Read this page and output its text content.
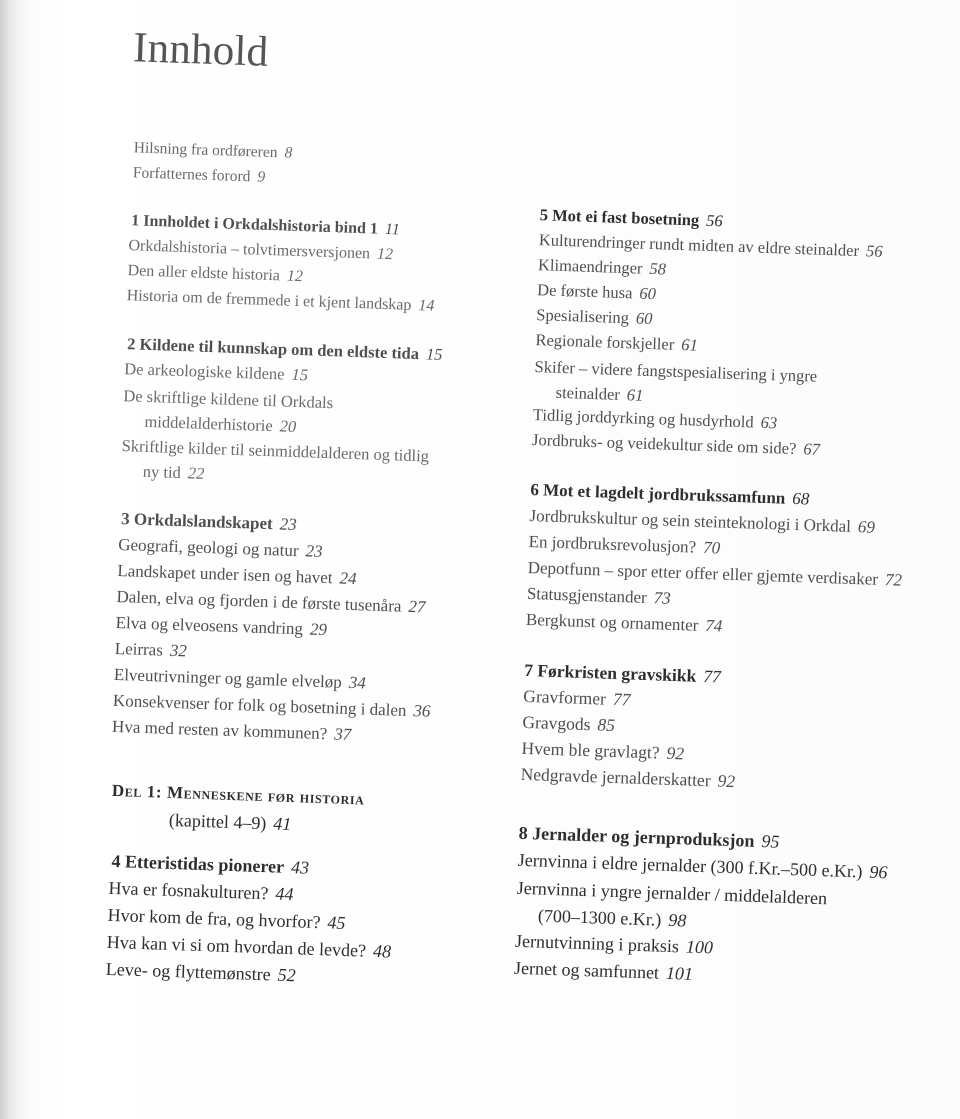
Innhold
Hilsning fra ordføreren 8
Forfatternes forord 9
1 Innholdet i Orkdalshistoria bind 1 11
Orkdalshistoria – tolvtimersversjonen 12
Den aller eldste historia 12
Historia om de fremmede i et kjent landskap 14
2 Kildene til kunnskap om den eldste tida 15
De arkeologiske kildene 15
De skriftlige kildene til Orkdals
middelalderhistorie 20
Skriftlige kilder til seinmiddelalderen og tidlig
ny tid 22
3 Orkdalslandskapet 23
Geografi, geologi og natur 23
Landskapet under isen og havet 24
Dalen, elva og fjorden i de første tusenåra 27
Elva og elveosens vandring 29
Leirras 32
Elveutrivninger og gamle elveløp 34
Konsekvenser for folk og bosetning i dalen 36
Hva med resten av kommunen? 37
Del 1: Menneskene før historia
(kapittel 4–9) 41
4 Etteristidas pionerer 43
Hva er fosnakulturen? 44
Hvor kom de fra, og hvorfor? 45
Hva kan vi si om hvordan de levde? 48
Leve- og flyttemønstre 52
5 Mot ei fast bosetning 56
Kulturendringer rundt midten av eldre steinalder 56
Klimaendringer 58
De første husa 60
Spesialisering 60
Regionale forskjeller 61
Skifer – videre fangstspesialisering i yngre
steinalder 61
Tidlig jorddyrking og husdyrhold 63
Jordbruks- og veidekultur side om side? 67
6 Mot et lagdelt jordbrukssamfunn 68
Jordbrukskultur og sein steinteknologi i Orkdal 69
En jordbruksrevolusjon? 70
Depotfunn – spor etter offer eller gjemte verdisaker 72
Statusgjenstander 73
Bergkunst og ornamenter 74
7 Førkristen gravskikk 77
Gravformer 77
Gravgods 85
Hvem ble gravlagt? 92
Nedgravde jernalderskatter 92
8 Jernalder og jernproduksjon 95
Jernvinna i eldre jernalder (300 f.Kr.–500 e.Kr.) 96
Jernvinna i yngre jernalder / middelalderen
(700–1300 e.Kr.) 98
Jernutvinning i praksis 100
Jernet og samfunnet 101
